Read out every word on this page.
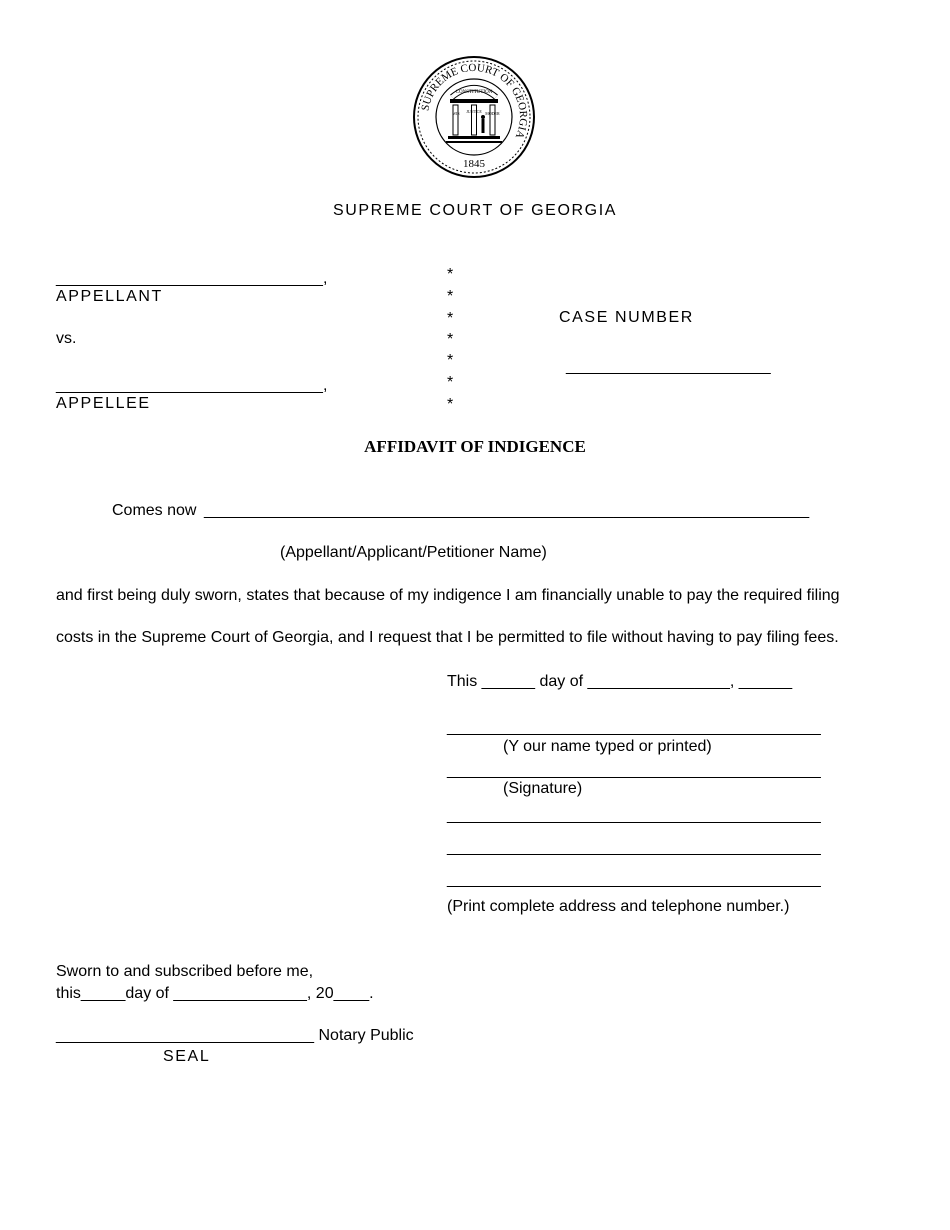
SUPREME COURT OF GEORGIA
CONSTITUTION
WIS JUSTICE MODER
1845
SUPREME COURT OF GEORGIA
______________________________,
APPELLANT
vs.
______________________________,
APPELLEE
*
*
*
*
*
*
*
CASE NUMBER
_______________________
AFFIDAVIT OF INDIGENCE
Comes now ____________________________________________________________________
(Appellant/Applicant/Petitioner Name)
and first being duly sworn, states that because of my indigence I am financially unable to pay the required filing
costs in the Supreme Court of Georgia, and I request that I be permitted to file without having to pay filing fees.
This ______ day of ________________, ______
__________________________________________
(Y our name typed or printed)
__________________________________________
(Signature)
__________________________________________
__________________________________________
__________________________________________
(Print complete address and telephone number.)
Sworn to and subscribed before me,
this_____day of _______________, 20____.
_____________________________ Notary Public
SEAL
